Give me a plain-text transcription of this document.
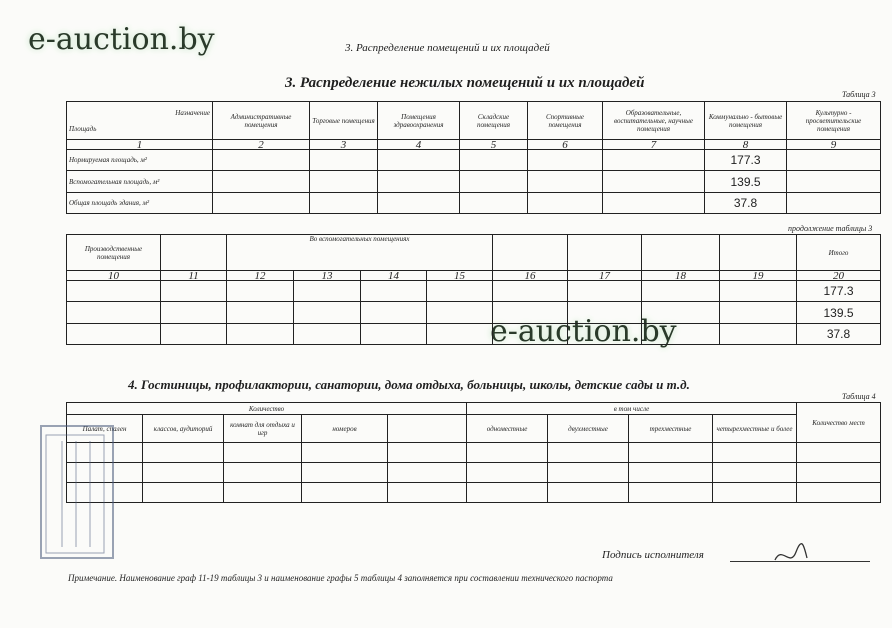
e-auction.by
e-auction.by
3. Распределение помещений и их площадей
3. Распределение нежилых помещений и их площадей
Таблица 3
Назначение
Площадь	Административные помещения	Торговые помещения	Помещения здравоохранения	Складские помещения	Спортивные помещения	Образовательные, воспитательные, научные помещения	Коммунально - бытовые помещения	Культурно - просветительские помещения
1	2	3	4	5	6	7	8	9
Нормируемая площадь, м²							177.3	
Вспомогательная площадь, м²							139.5	
Общая площадь здания, м²							37.8	
продолжение таблицы 3
Производственные помещения		Во вспомогательных помещениях								Итого
10	11	12	13	14	15	16	17	18	19	20
										177.3
										139.5
										37.8
4. Гостиницы, профилактории, санатории, дома отдыха, больницы, школы, детские сады и т.д.
Таблица 4
Количество					в том числе				Количество мест
Палат, спален	классов, аудиторий	комнат для отдыха и игр	номеров		одноместные	двухместные	трехместные	четырехместные и более	

Подпись исполнителя
Примечание. Наименование граф 11-19 таблицы 3 и наименование графы 5 таблицы 4 заполняется при составлении технического паспорта
